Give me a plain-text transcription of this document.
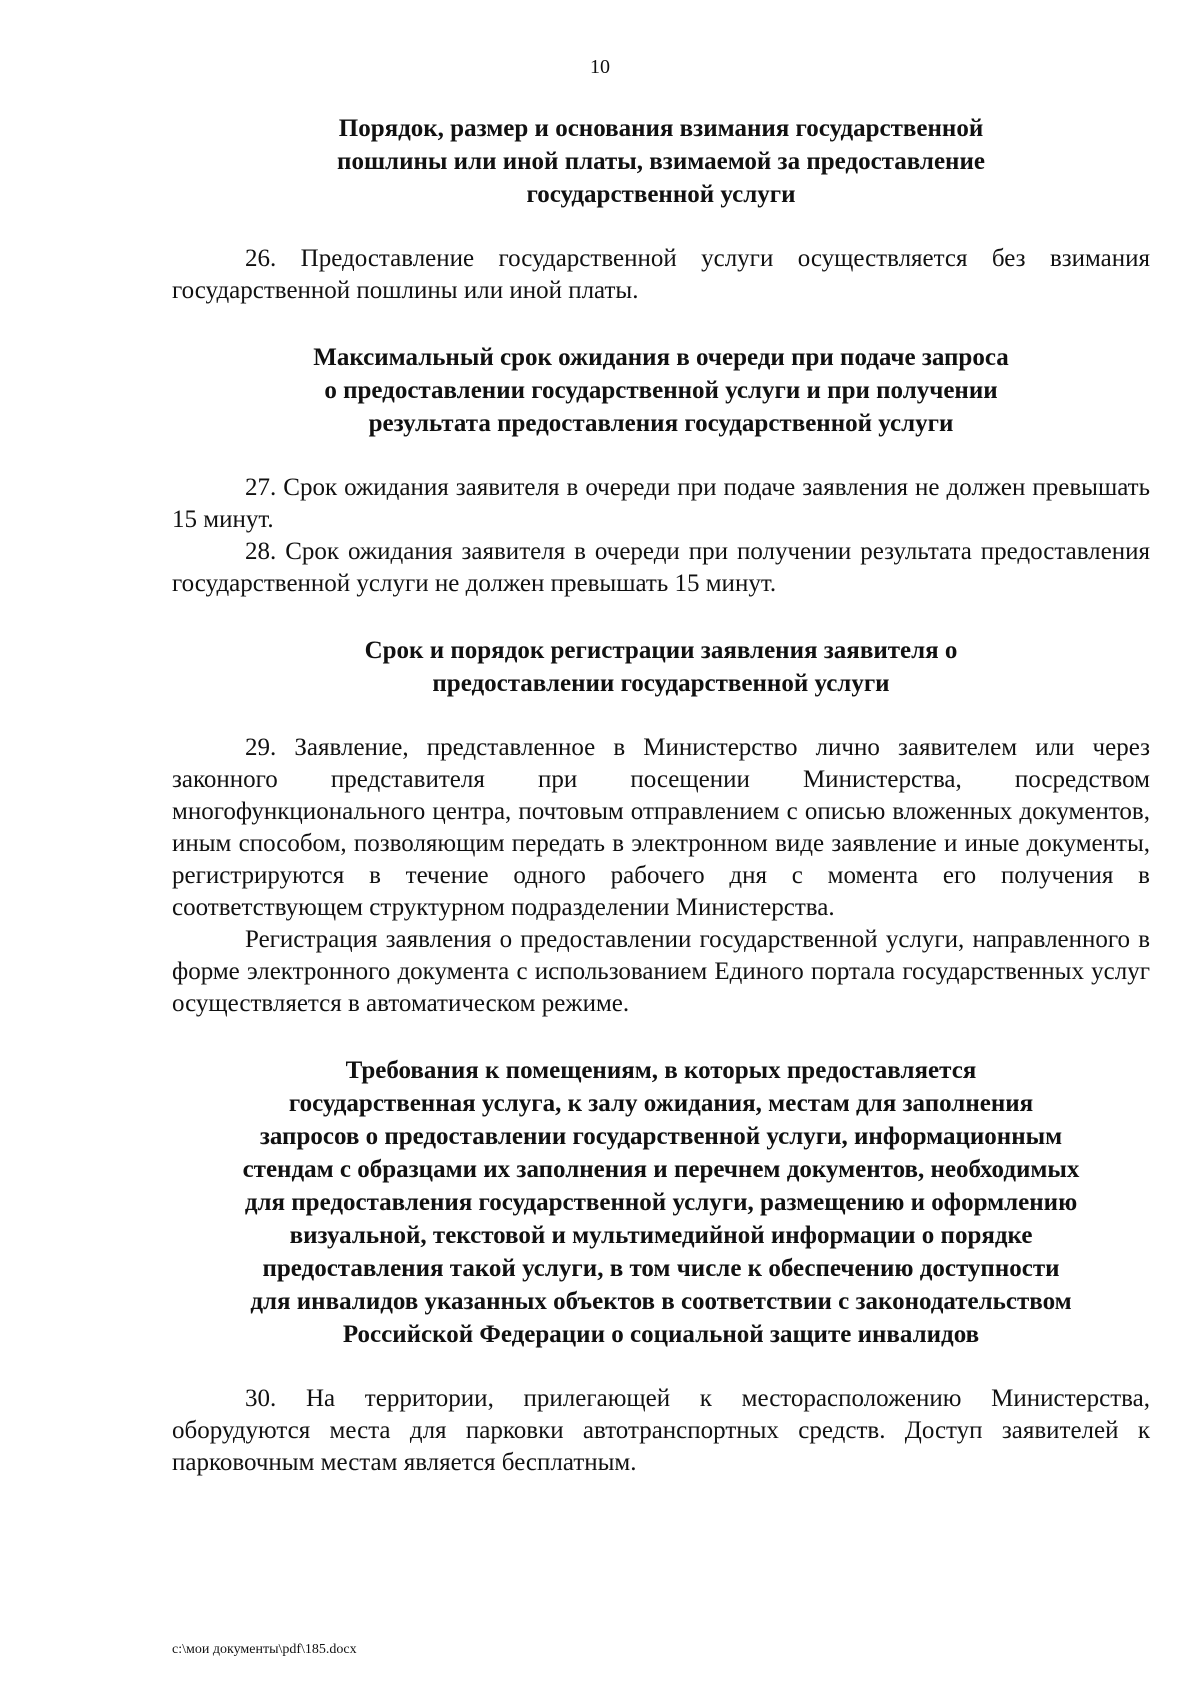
10
Порядок, размер и основания взимания государственной
пошлины или иной платы, взимаемой за предоставление
государственной услуги

26. Предоставление государственной услуги осуществляется без взимания государственной пошлины или иной платы.

Максимальный срок ожидания в очереди при подаче запроса
о предоставлении государственной услуги и при получении
результата предоставления государственной услуги

27. Срок ожидания заявителя в очереди при подаче заявления не должен превышать 15 минут.

28. Срок ожидания заявителя в очереди при получении результата предоставления государственной услуги не должен превышать 15 минут.

Срок и порядок регистрации заявления заявителя о
предоставлении государственной услуги

29. Заявление, представленное в Министерство лично заявителем или через законного представителя при посещении Министерства, посредством многофункционального центра, почтовым отправлением с описью вложенных документов, иным способом, позволяющим передать в электронном виде заявление и иные документы, регистрируются в течение одного рабочего дня с момента его получения в соответствующем структурном подразделении Министерства.

Регистрация заявления о предоставлении государственной услуги, направленного в форме электронного документа с использованием Единого портала государственных услуг осуществляется в автоматическом режиме.

Требования к помещениям, в которых предоставляется
государственная услуга, к залу ожидания, местам для заполнения
запросов о предоставлении государственной услуги, информационным
стендам с образцами их заполнения и перечнем документов, необходимых
для предоставления государственной услуги, размещению и оформлению
визуальной, текстовой и мультимедийной информации о порядке
предоставления такой услуги, в том числе к обеспечению доступности
для инвалидов указанных объектов в соответствии с законодательством
Российской Федерации о социальной защите инвалидов

30. На территории, прилегающей к месторасположению Министерства, оборудуются места для парковки автотранспортных средств. Доступ заявителей к парковочным местам является бесплатным.

c:\мои документы\pdf\185.docx
